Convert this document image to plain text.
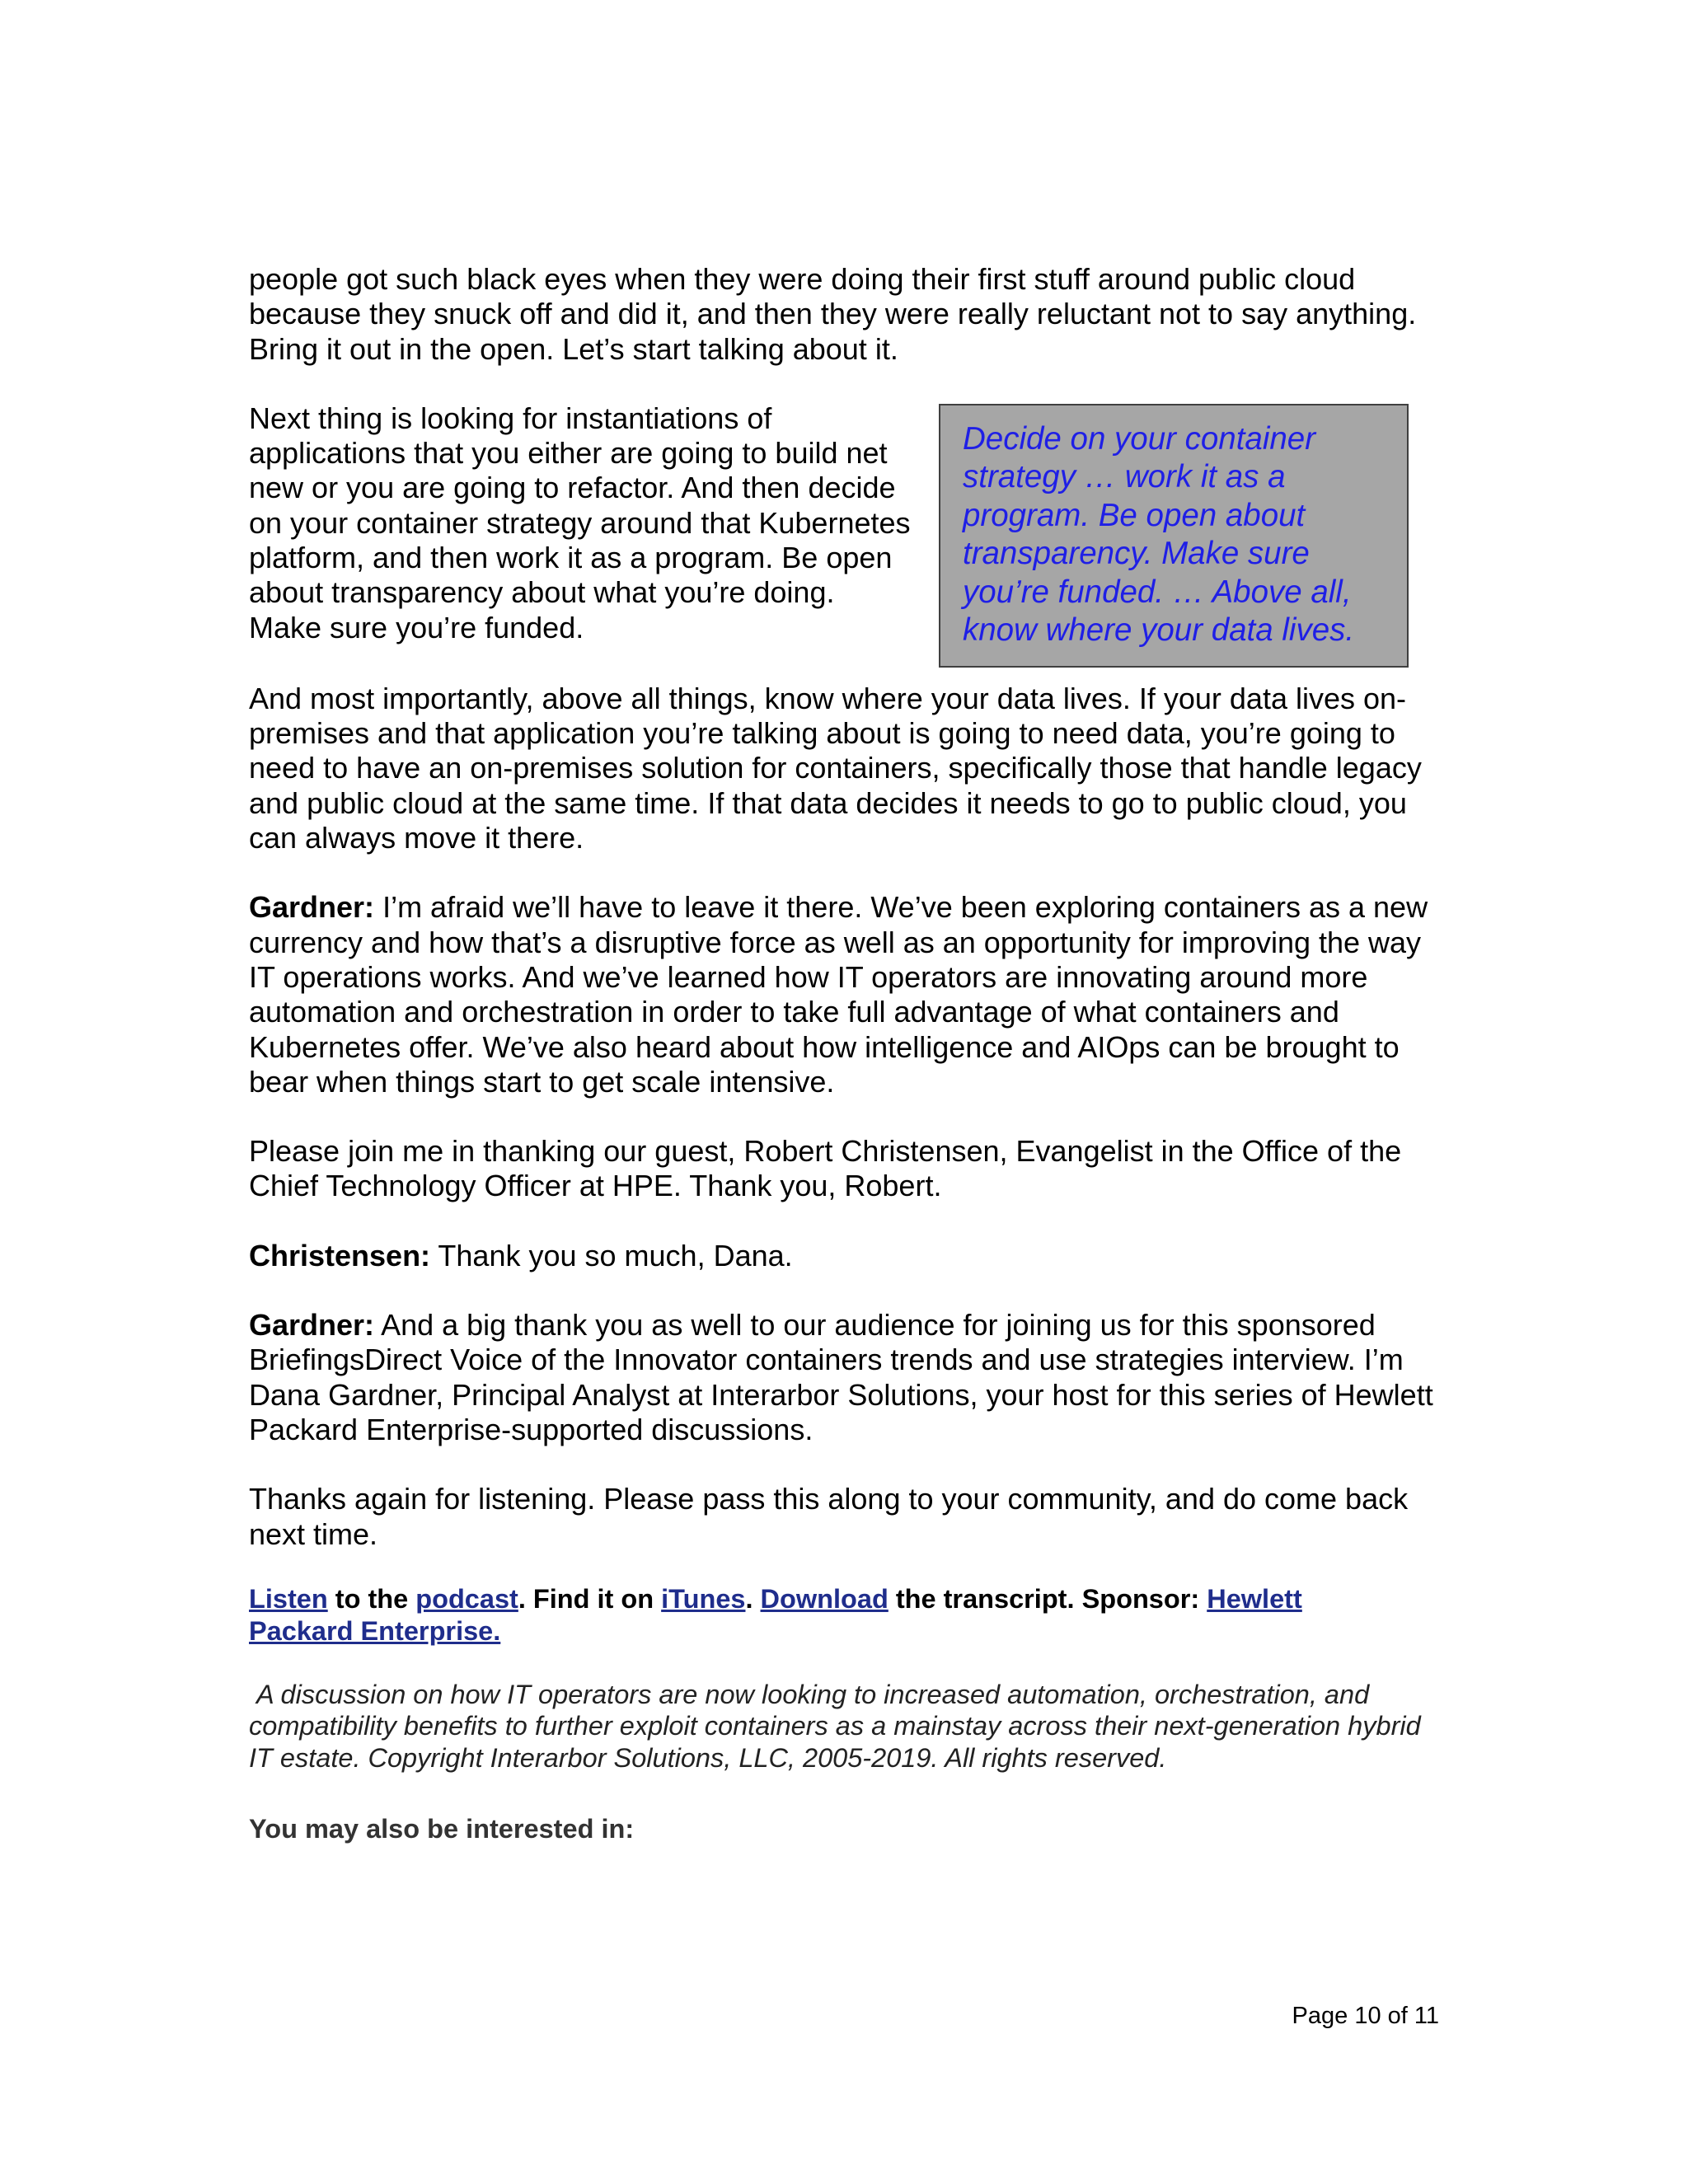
people got such black eyes when they were doing their first stuff around public cloud because they snuck off and did it, and then they were really reluctant not to say anything. Bring it out in the open. Let’s start talking about it.

Decide on your container strategy … work it as a program. Be open about transparency. Make sure you’re funded. … Above all, know where your data lives.

Next thing is looking for instantiations of applications that you either are going to build net new or you are going to refactor. And then decide on your container strategy around that Kubernetes platform, and then work it as a program. Be open about transparency about what you’re doing. Make sure you’re funded.

And most importantly, above all things, know where your data lives. If your data lives on-premises and that application you’re talking about is going to need data, you’re going to need to have an on-premises solution for containers, specifically those that handle legacy and public cloud at the same time. If that data decides it needs to go to public cloud, you can always move it there.

Gardner: I’m afraid we’ll have to leave it there. We’ve been exploring containers as a new currency and how that’s a disruptive force as well as an opportunity for improving the way IT operations works. And we’ve learned how IT operators are innovating around more automation and orchestration in order to take full advantage of what containers and Kubernetes offer. We’ve also heard about how intelligence and AIOps can be brought to bear when things start to get scale intensive.

Please join me in thanking our guest, Robert Christensen, Evangelist in the Office of the Chief Technology Officer at HPE. Thank you, Robert.

Christensen: Thank you so much, Dana.

Gardner: And a big thank you as well to our audience for joining us for this sponsored BriefingsDirect Voice of the Innovator containers trends and use strategies interview. I’m Dana Gardner, Principal Analyst at Interarbor Solutions, your host for this series of Hewlett Packard Enterprise-supported discussions.

Thanks again for listening. Please pass this along to your community, and do come back next time.

Listen to the podcast. Find it on iTunes. Download the transcript. Sponsor: Hewlett Packard Enterprise.

A discussion on how IT operators are now looking to increased automation, orchestration, and compatibility benefits to further exploit containers as a mainstay across their next-generation hybrid IT estate. Copyright Interarbor Solutions, LLC, 2005-2019. All rights reserved.

You may also be interested in:

Page 10 of 11
